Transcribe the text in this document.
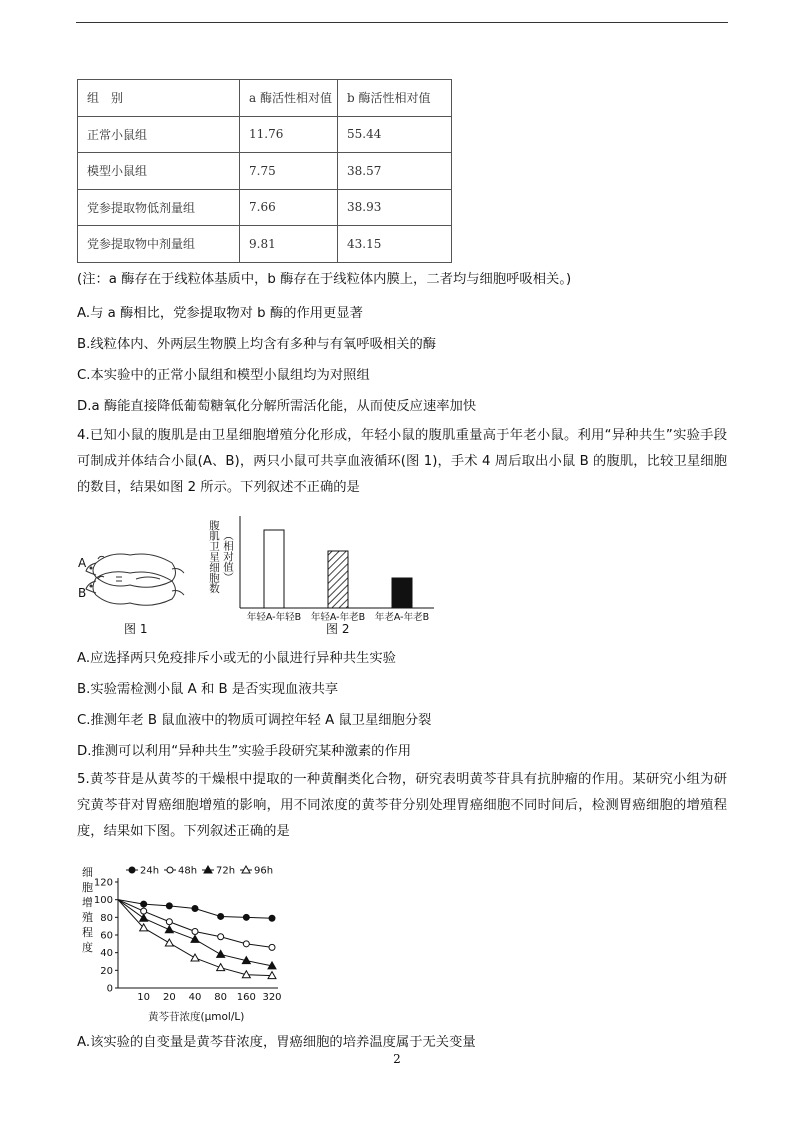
组　别	a 酶活性相对值	b 酶活性相对值
正常小鼠组	11.76	55.44
模型小鼠组	7.75	38.57
党参提取物低剂量组	7.66	38.93
党参提取物中剂量组	9.81	43.15
(注：a 酶存在于线粒体基质中，b 酶存在于线粒体内膜上，二者均与细胞呼吸相关。)
A.与 a 酶相比，党参提取物对 b 酶的作用更显著
B.线粒体内、外两层生物膜上均含有多种与有氧呼吸相关的酶
C.本实验中的正常小鼠组和模型小鼠组均为对照组
D.a 酶能直接降低葡萄糖氧化分解所需活化能，从而使反应速率加快
4.已知小鼠的腹肌是由卫星细胞增殖分化形成，年轻小鼠的腹肌重量高于年老小鼠。利用“异种共生”实验手段可制成并体结合小鼠(A、B)，两只小鼠可共享血液循环(图 1)，手术 4 周后取出小鼠 B 的腹肌，比较卫星细胞的数目，结果如图 2 所示。下列叙述不正确的是
A
B
图 1
腹肌卫星细胞数 （相对值）
年轻A-年轻B 年轻A-年老B 年老A-年老B
图 2
A.应选择两只免疫排斥小或无的小鼠进行异种共生实验
B.实验需检测小鼠 A 和 B 是否实现血液共享
C.推测年老 B 鼠血液中的物质可调控年轻 A 鼠卫星细胞分裂
D.推测可以利用“异种共生”实验手段研究某种激素的作用
5.黄芩苷是从黄芩的干燥根中提取的一种黄酮类化合物，研究表明黄芩苷具有抗肿瘤的作用。某研究小组为研究黄芩苷对胃癌细胞增殖的影响，用不同浓度的黄芩苷分别处理胃癌细胞不同时间后，检测胃癌细胞的增殖程度，结果如下图。下列叙述正确的是
细
胞
增
殖
程
度
0
20
40
60
80
100
120
10 20 40 80 160 320
24h 48h 72h 96h
黄芩苷浓度(μmol/L)
A.该实验的自变量是黄芩苷浓度，胃癌细胞的培养温度属于无关变量
2
